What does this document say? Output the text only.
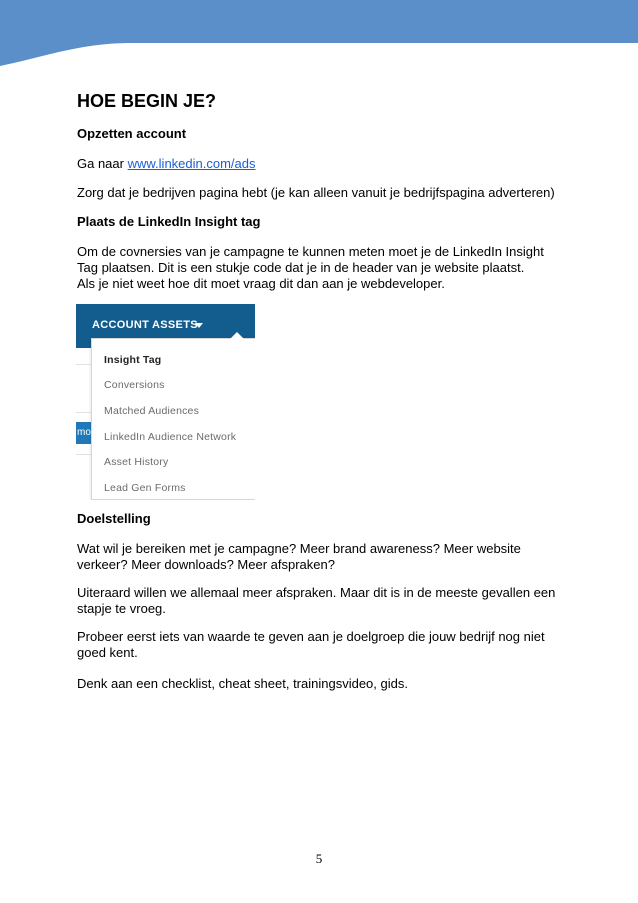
HOE BEGIN JE?
Opzetten account
Ga naar www.linkedin.com/ads
Zorg dat je bedrijven pagina hebt (je kan alleen vanuit je bedrijfspagina adverteren)
Plaats de LinkedIn Insight tag
Om de covnersies van je campagne te kunnen meten moet je de LinkedIn Insight
Tag plaatsen. Dit is een stukje code dat je in de header van je website plaatst.
Als je niet weet hoe dit moet vraag dit dan aan je webdeveloper.
Doelstelling
Wat wil je bereiken met je campagne? Meer brand awareness? Meer website
verkeer? Meer downloads? Meer afspraken?
Uiteraard willen we allemaal meer afspraken. Maar dit is in de meeste gevallen een
stapje te vroeg.
Probeer eerst iets van waarde te geven aan je doelgroep die jouw bedrijf nog niet
goed kent.
Denk aan een checklist, cheat sheet, trainingsvideo, gids.
mo
ACCOUNT ASSETS
Insight Tag
Conversions
Matched Audiences
LinkedIn Audience Network
Asset History
Lead Gen Forms
5
